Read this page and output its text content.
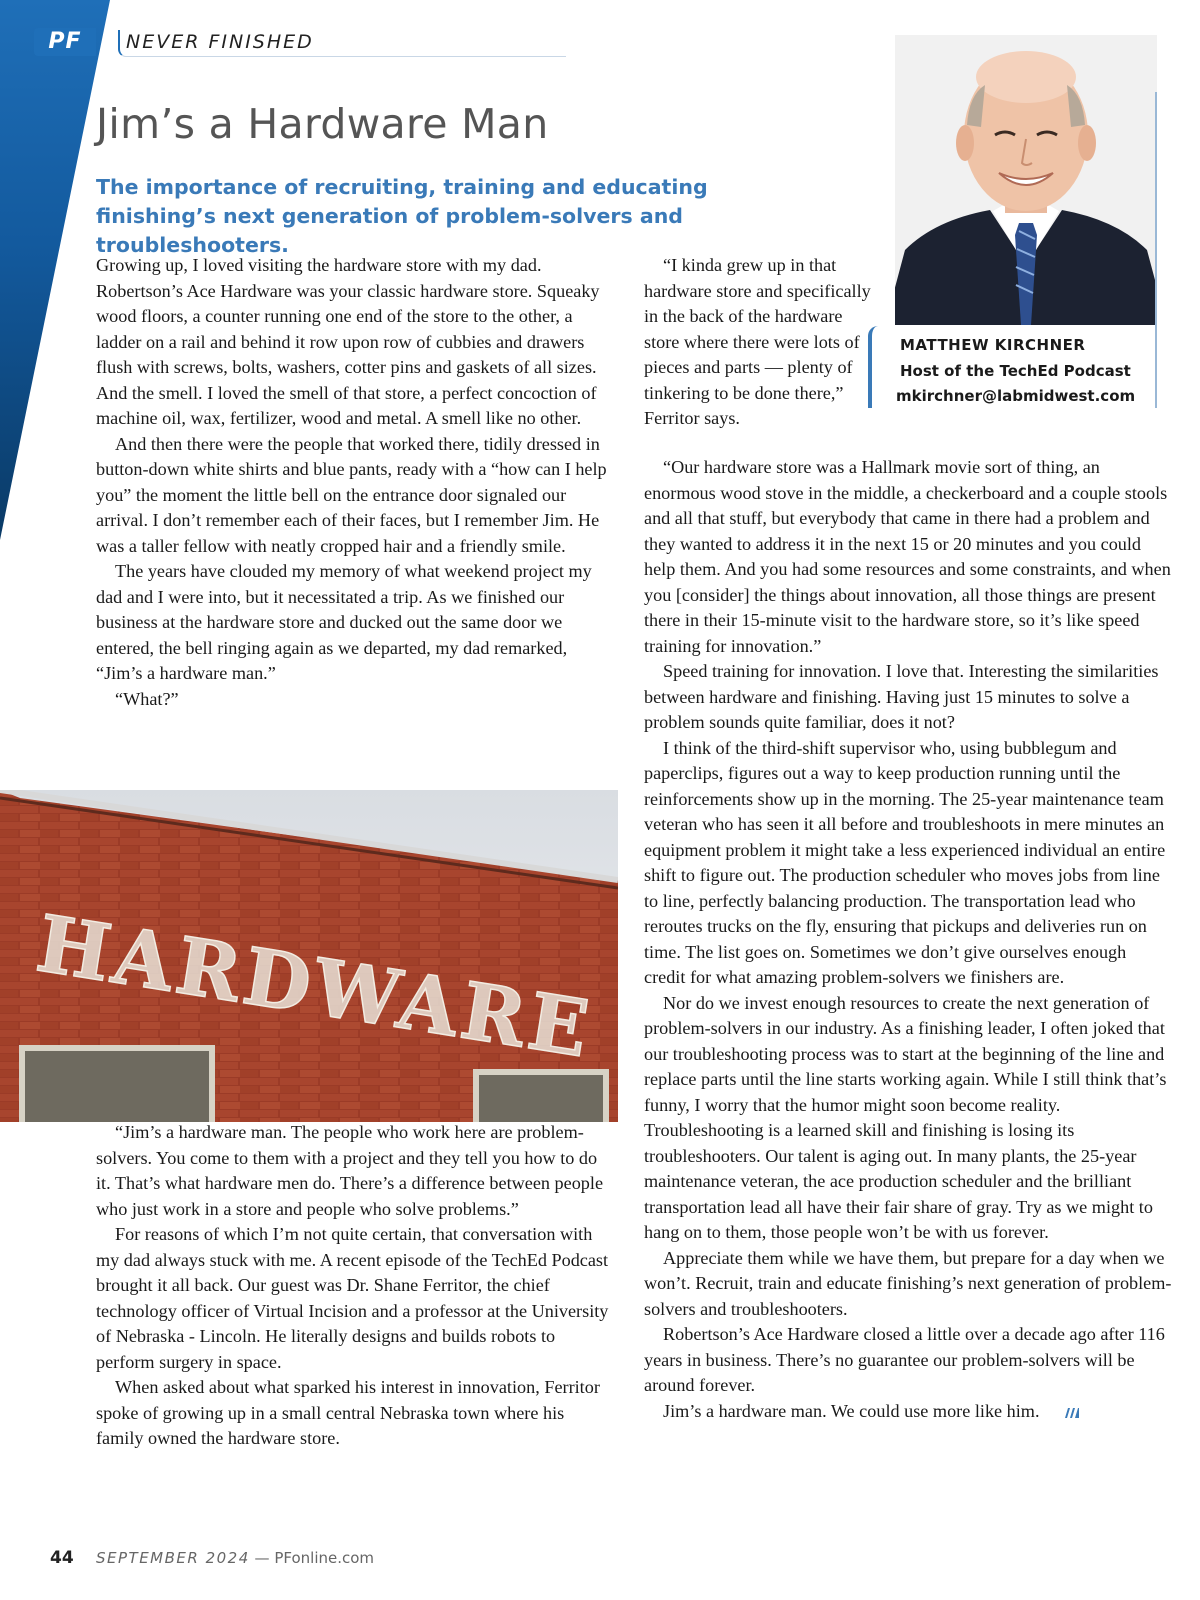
PF	NEVER FINISHED
Jim’s a Hardware Man

The importance of recruiting, training and educating finishing’s next generation of problem-solvers and troubleshooters.

MATTHEW KIRCHNER
Host of the TechEd Podcast
mkirchner@labmidwest.com

Growing up, I loved visiting the hardware store with my dad. Robertson’s Ace Hardware was your classic hardware store. Squeaky wood floors, a counter running one end of the store to the other, a ladder on a rail and behind it row upon row of cubbies and drawers flush with screws, bolts, washers, cotter pins and gaskets of all sizes. And the smell. I loved the smell of that store, a perfect concoction of machine oil, wax, fertilizer, wood and metal. A smell like no other.

And then there were the people that worked there, tidily dressed in button-down white shirts and blue pants, ready with a “how can I help you” the moment the little bell on the entrance door signaled our arrival. I don’t remember each of their faces, but I remember Jim. He was a taller fellow with neatly cropped hair and a friendly smile.

The years have clouded my memory of what weekend project my dad and I were into, but it necessitated a trip. As we finished our business at the hardware store and ducked out the same door we entered, the bell ringing again as we departed, my dad remarked, “Jim’s a hardware man.”

“What?”

HARDWARE

“Jim’s a hardware man. The people who work here are problem-solvers. You come to them with a project and they tell you how to do it. That’s what hardware men do. There’s a difference between people who just work in a store and people who solve problems.”

For reasons of which I’m not quite certain, that conversation with my dad always stuck with me. A recent episode of the TechEd Podcast brought it all back. Our guest was Dr. Shane Ferritor, the chief technology officer of Virtual Incision and a professor at the University of Nebraska - Lincoln. He literally designs and builds robots to perform surgery in space.

When asked about what sparked his interest in innovation, Ferritor spoke of growing up in a small central Nebraska town where his family owned the hardware store.

“I kinda grew up in that hardware store and specifically in the back of the hardware store where there were lots of pieces and parts — plenty of tinkering to be done there,” Ferritor says.

“Our hardware store was a Hallmark movie sort of thing, an enormous wood stove in the middle, a checkerboard and a couple stools and all that stuff, but everybody that came in there had a problem and they wanted to address it in the next 15 or 20 minutes and you could help them. And you had some resources and some constraints, and when you [consider] the things about innovation, all those things are present there in their 15-minute visit to the hardware store, so it’s like speed training for innovation.”

Speed training for innovation. I love that. Interesting the similarities between hardware and finishing. Having just 15 minutes to solve a problem sounds quite familiar, does it not?

I think of the third-shift supervisor who, using bubblegum and paperclips, figures out a way to keep production running until the reinforcements show up in the morning. The 25-year maintenance team veteran who has seen it all before and troubleshoots in mere minutes an equipment problem it might take a less experienced individual an entire shift to figure out. The production scheduler who moves jobs from line to line, perfectly balancing production. The transportation lead who reroutes trucks on the fly, ensuring that pickups and deliveries run on time. The list goes on. Sometimes we don’t give ourselves enough credit for what amazing problem-solvers we finishers are.

Nor do we invest enough resources to create the next generation of problem-solvers in our industry. As a finishing leader, I often joked that our troubleshooting process was to start at the beginning of the line and replace parts until the line starts working again. While I still think that’s funny, I worry that the humor might soon become reality. Troubleshooting is a learned skill and finishing is losing its troubleshooters. Our talent is aging out. In many plants, the 25-year maintenance veteran, the ace production scheduler and the brilliant transportation lead all have their fair share of gray. Try as we might to hang on to them, those people won’t be with us forever.

Appreciate them while we have them, but prepare for a day when we won’t. Recruit, train and educate finishing’s next generation of problem-solvers and troubleshooters.

Robertson’s Ace Hardware closed a little over a decade ago after 116 years in business. There’s no guarantee our problem-solvers will be around forever.

Jim’s a hardware man. We could use more like him.

44 SEPTEMBER 2024 — PFonline.com
